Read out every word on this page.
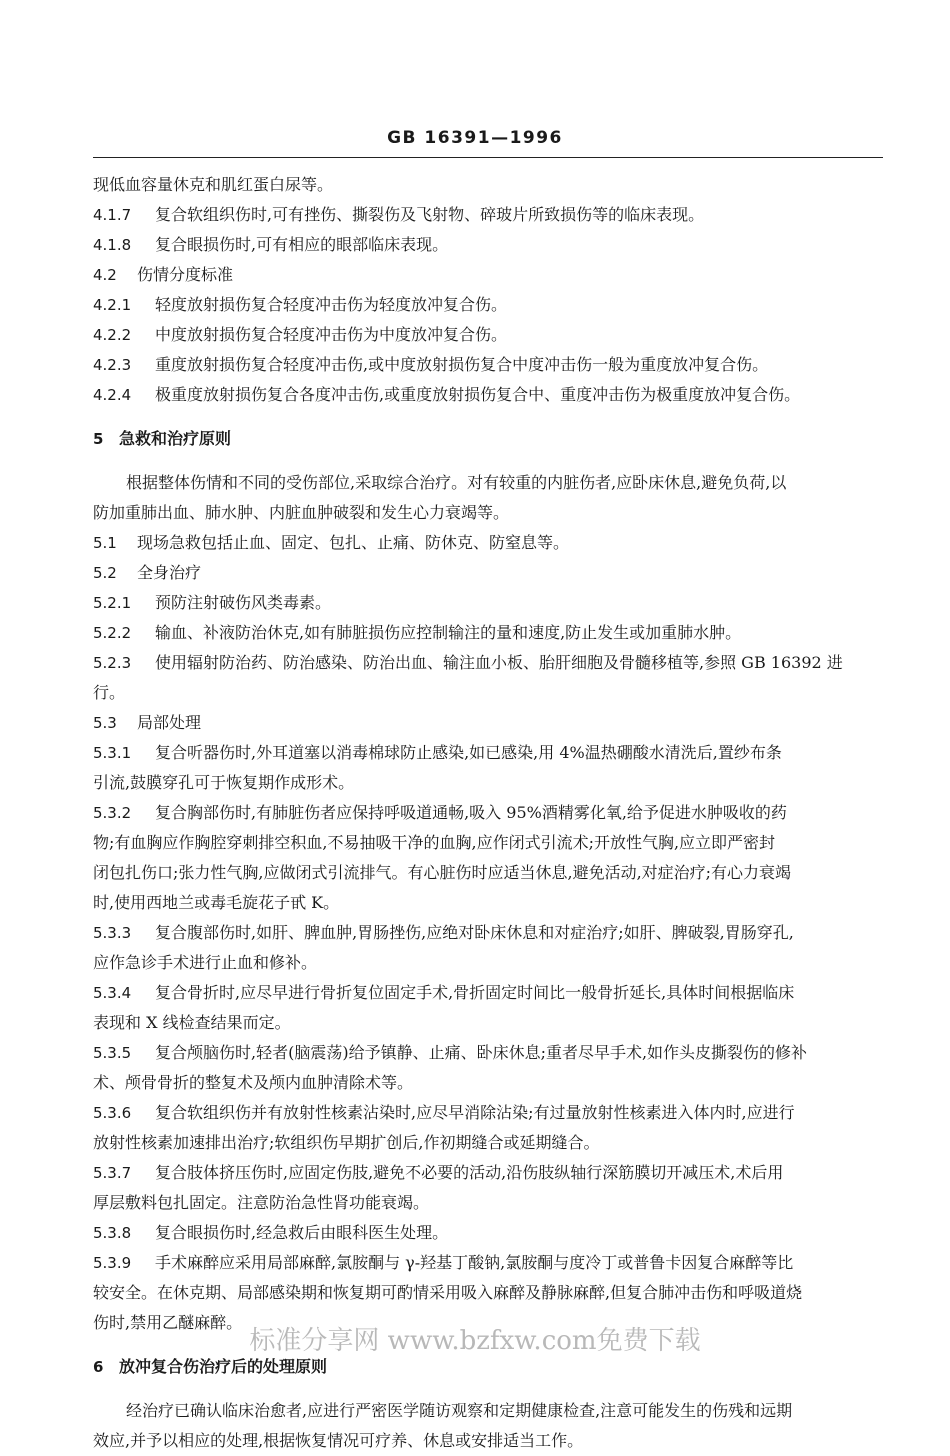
GB 16391—1996
现低血容量休克和肌红蛋白尿等。
4.1.7 复合软组织伤时,可有挫伤、撕裂伤及飞射物、碎玻片所致损伤等的临床表现。
4.1.8 复合眼损伤时,可有相应的眼部临床表现。
4.2 伤情分度标准
4.2.1 轻度放射损伤复合轻度冲击伤为轻度放冲复合伤。
4.2.2 中度放射损伤复合轻度冲击伤为中度放冲复合伤。
4.2.3 重度放射损伤复合轻度冲击伤,或中度放射损伤复合中度冲击伤一般为重度放冲复合伤。
4.2.4 极重度放射损伤复合各度冲击伤,或重度放射损伤复合中、重度冲击伤为极重度放冲复合伤。
5 急救和治疗原则
根据整体伤情和不同的受伤部位,采取综合治疗。对有较重的内脏伤者,应卧床休息,避免负荷,以
防加重肺出血、肺水肿、内脏血肿破裂和发生心力衰竭等。
5.1 现场急救包括止血、固定、包扎、止痛、防休克、防窒息等。
5.2 全身治疗
5.2.1 预防注射破伤风类毒素。
5.2.2 输血、补液防治休克,如有肺脏损伤应控制输注的量和速度,防止发生或加重肺水肿。
5.2.3 使用辐射防治药、防治感染、防治出血、输注血小板、胎肝细胞及骨髓移植等,参照 GB 16392 进
行。
5.3 局部处理
5.3.1 复合听器伤时,外耳道塞以消毒棉球防止感染,如已感染,用 4%温热硼酸水清洗后,置纱布条
引流,鼓膜穿孔可于恢复期作成形术。
5.3.2 复合胸部伤时,有肺脏伤者应保持呼吸道通畅,吸入 95%酒精雾化氧,给予促进水肿吸收的药
物;有血胸应作胸腔穿刺排空积血,不易抽吸干净的血胸,应作闭式引流术;开放性气胸,应立即严密封
闭包扎伤口;张力性气胸,应做闭式引流排气。有心脏伤时应适当休息,避免活动,对症治疗;有心力衰竭
时,使用西地兰或毒毛旋花子甙 K。
5.3.3 复合腹部伤时,如肝、脾血肿,胃肠挫伤,应绝对卧床休息和对症治疗;如肝、脾破裂,胃肠穿孔,
应作急诊手术进行止血和修补。
5.3.4 复合骨折时,应尽早进行骨折复位固定手术,骨折固定时间比一般骨折延长,具体时间根据临床
表现和 X 线检查结果而定。
5.3.5 复合颅脑伤时,轻者(脑震荡)给予镇静、止痛、卧床休息;重者尽早手术,如作头皮撕裂伤的修补
术、颅骨骨折的整复术及颅内血肿清除术等。
5.3.6 复合软组织伤并有放射性核素沾染时,应尽早消除沾染;有过量放射性核素进入体内时,应进行
放射性核素加速排出治疗;软组织伤早期扩创后,作初期缝合或延期缝合。
5.3.7 复合肢体挤压伤时,应固定伤肢,避免不必要的活动,沿伤肢纵轴行深筋膜切开减压术,术后用
厚层敷料包扎固定。注意防治急性肾功能衰竭。
5.3.8 复合眼损伤时,经急救后由眼科医生处理。
5.3.9 手术麻醉应采用局部麻醉,氯胺酮与 γ-羟基丁酸钠,氯胺酮与度冷丁或普鲁卡因复合麻醉等比
较安全。在休克期、局部感染期和恢复期可酌情采用吸入麻醉及静脉麻醉,但复合肺冲击伤和呼吸道烧
伤时,禁用乙醚麻醉。
6 放冲复合伤治疗后的处理原则
经治疗已确认临床治愈者,应进行严密医学随访观察和定期健康检查,注意可能发生的伤残和远期
效应,并予以相应的处理,根据恢复情况可疗养、休息或安排适当工作。
标准分享网 www.bzfxw.com免费下载
